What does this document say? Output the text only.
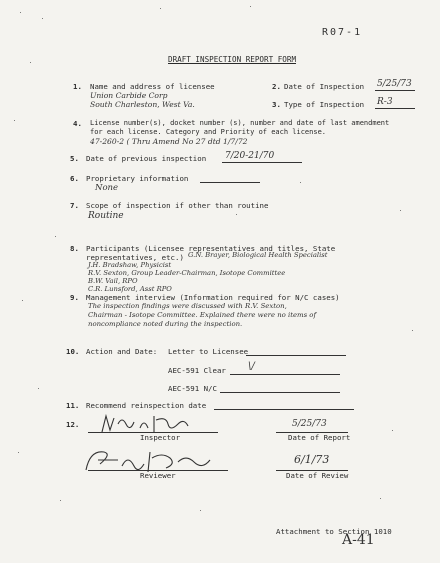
R07-1
DRAFT INSPECTION REPORT FORM
1. Name and address of licensee
Union Carbide Corp
South Charleston, West Va.
2. Date of Inspection 5/25/73
3. Type of Inspection R-3
4. License number(s), docket number (s), number and date of last amendment
for each license. Category and Priority of each license.
47-260-2 ( Thru Amend No 27 dtd 1/7/72
5. Date of previous inspection 7/20-21/70
6. Proprietary information
None
7. Scope of inspection if other than routine
Routine
8. Participants (Licensee representatives and titles, State
representatives, etc.) G.N. Brayer, Biological Health Specialist
J.H. Bradshaw, Physicist
R.V. Sexton, Group Leader-Chairman, Isotope Committee
B.W. Vail, RPO
C.R. Lunsford, Asst RPO
9. Management interview (Information required for N/C cases)
The inspection findings were discussed with R.V. Sexton,
Chairman - Isotope Committee. Explained there were no items of
noncompliance noted during the inspection.
10. Action and Date: Letter to Licensee
AEC-591 Clear \/
AEC-591 N/C
11. Recommend reinspection date
12.
Inspector
5/25/73
Date of Report
Reviewer
6/1/73
Date of Review
Attachment to Section 1010
A-41
